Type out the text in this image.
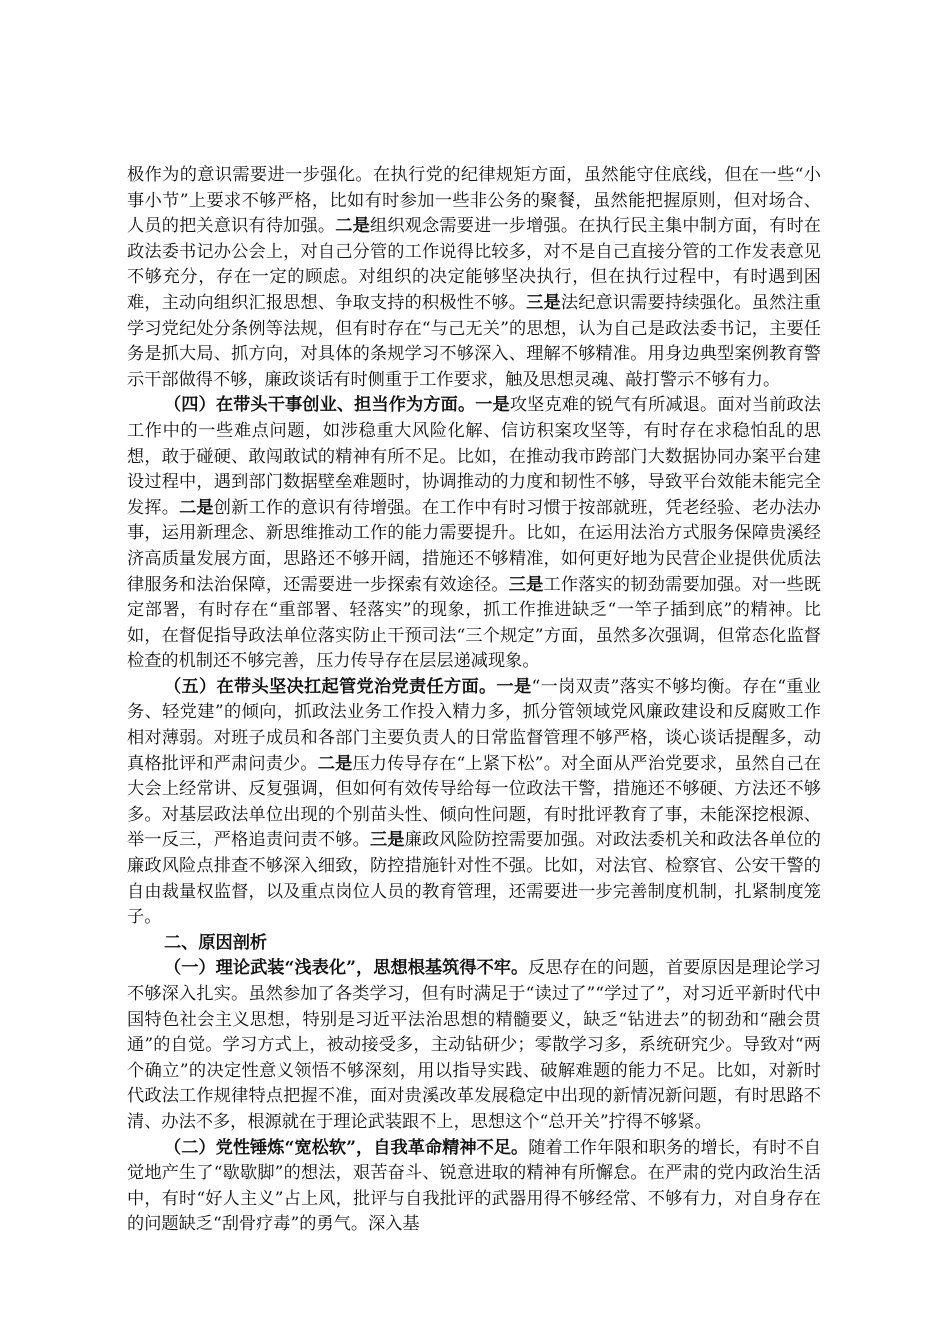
极作为的意识需要进一步强化。在执行党的纪律规矩方面，虽然能守住底线，但在一些“小事小节”上要求不够严格，比如有时参加一些非公务的聚餐，虽然能把握原则，但对场合、人员的把关意识有待加强。二是组织观念需要进一步增强。在执行民主集中制方面，有时在政法委书记办公会上，对自己分管的工作说得比较多，对不是自己直接分管的工作发表意见不够充分，存在一定的顾虑。对组织的决定能够坚决执行，但在执行过程中，有时遇到困难，主动向组织汇报思想、争取支持的积极性不够。三是法纪意识需要持续强化。虽然注重学习党纪处分条例等法规，但有时存在“与己无关”的思想，认为自己是政法委书记，主要任务是抓大局、抓方向，对具体的条规学习不够深入、理解不够精准。用身边典型案例教育警示干部做得不够，廉政谈话有时侧重于工作要求，触及思想灵魂、敲打警示不够有力。

（四）在带头干事创业、担当作为方面。一是攻坚克难的锐气有所减退。面对当前政法工作中的一些难点问题，如涉稳重大风险化解、信访积案攻坚等，有时存在求稳怕乱的思想，敢于碰硬、敢闯敢试的精神有所不足。比如，在推动我市跨部门大数据协同办案平台建设过程中，遇到部门数据壁垒难题时，协调推动的力度和韧性不够，导致平台效能未能完全发挥。二是创新工作的意识有待增强。在工作中有时习惯于按部就班，凭老经验、老办法办事，运用新理念、新思维推动工作的能力需要提升。比如，在运用法治方式服务保障贵溪经济高质量发展方面，思路还不够开阔，措施还不够精准，如何更好地为民营企业提供优质法律服务和法治保障，还需要进一步探索有效途径。三是工作落实的韧劲需要加强。对一些既定部署，有时存在“重部署、轻落实”的现象，抓工作推进缺乏“一竿子插到底”的精神。比如，在督促指导政法单位落实防止干预司法“三个规定”方面，虽然多次强调，但常态化监督检查的机制还不够完善，压力传导存在层层递减现象。

（五）在带头坚决扛起管党治党责任方面。一是“一岗双责”落实不够均衡。存在“重业务、轻党建”的倾向，抓政法业务工作投入精力多，抓分管领域党风廉政建设和反腐败工作相对薄弱。对班子成员和各部门主要负责人的日常监督管理不够严格，谈心谈话提醒多，动真格批评和严肃问责少。二是压力传导存在“上紧下松”。对全面从严治党要求，虽然自己在大会上经常讲、反复强调，但如何有效传导给每一位政法干警，措施还不够硬、方法还不够多。对基层政法单位出现的个别苗头性、倾向性问题，有时批评教育了事，未能深挖根源、举一反三，严格追责问责不够。三是廉政风险防控需要加强。对政法委机关和政法各单位的廉政风险点排查不够深入细致，防控措施针对性不强。比如，对法官、检察官、公安干警的自由裁量权监督，以及重点岗位人员的教育管理，还需要进一步完善制度机制，扎紧制度笼子。

二、原因剖析

（一）理论武装“浅表化”，思想根基筑得不牢。反思存在的问题，首要原因是理论学习不够深入扎实。虽然参加了各类学习，但有时满足于“读过了”“学过了”，对习近平新时代中国特色社会主义思想，特别是习近平法治思想的精髓要义，缺乏“钻进去”的韧劲和“融会贯通”的自觉。学习方式上，被动接受多，主动钻研少；零散学习多，系统研究少。导致对“两个确立”的决定性意义领悟不够深刻，用以指导实践、破解难题的能力不足。比如，对新时代政法工作规律特点把握不准，面对贵溪改革发展稳定中出现的新情况新问题，有时思路不清、办法不多，根源就在于理论武装跟不上，思想这个“总开关”拧得不够紧。

（二）党性锤炼“宽松软”，自我革命精神不足。随着工作年限和职务的增长，有时不自觉地产生了“歇歇脚”的想法，艰苦奋斗、锐意进取的精神有所懈怠。在严肃的党内政治生活中，有时“好人主义”占上风，批评与自我批评的武器用得不够经常、不够有力，对自身存在的问题缺乏“刮骨疗毒”的勇气。深入基
